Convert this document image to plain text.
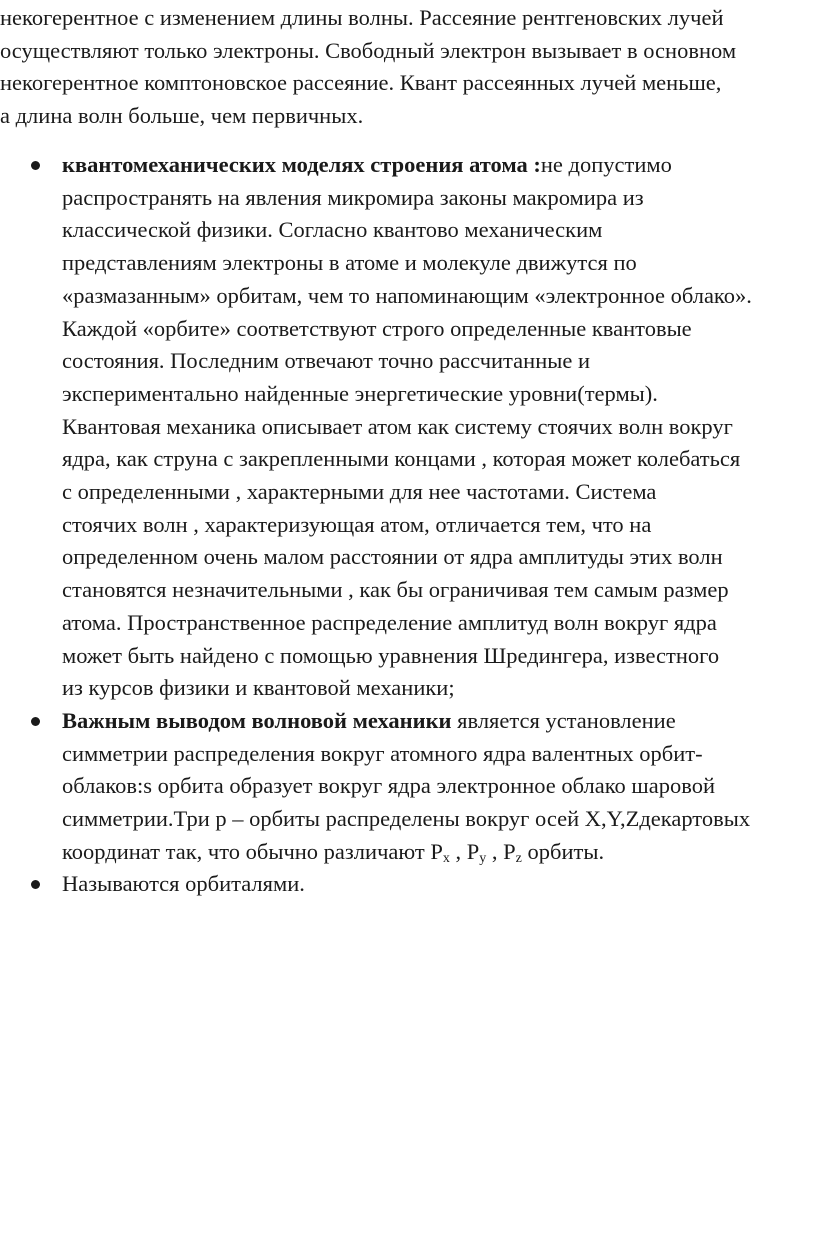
некогерентное с изменением длины волны. Рассеяние рентгеновских лучей
осуществляют только электроны. Свободный электрон вызывает в основном
некогерентное комптоновское рассеяние. Квант рассеянных лучей меньше,
а длина волн больше, чем первичных.
квантомеханических моделях строения атома :не допустимо
распространять на явления микромира законы макромира из
классической физики. Согласно квантово механическим
представлениям электроны в атоме и молекуле движутся по
«размазанным» орбитам, чем то напоминающим «электронное облако».
Каждой «орбите» соответствуют строго определенные квантовые
состояния. Последним отвечают точно рассчитанные и
экспериментально найденные энергетические уровни(термы).
Квантовая механика описывает атом как систему стоячих волн вокруг
ядра, как струна с закрепленными концами , которая может колебаться
с определенными , характерными для нее частотами. Система
стоячих волн , характеризующая атом, отличается тем, что на
определенном очень малом расстоянии от ядра амплитуды этих волн
становятся незначительными , как бы ограничивая тем самым размер
атома. Пространственное распределение амплитуд волн вокруг ядра
может быть найдено с помощью уравнения Шредингера, известного
из курсов физики и квантовой механики;
Важным выводом волновой механики является установление
симметрии распределения вокруг атомного ядра валентных орбит-
облаков:s орбита образует вокруг ядра электронное облако шаровой
симметрии.Три р – орбиты распределены вокруг осей X,Y,Zдекартовых
координат так, что обычно различают $P_x$ , $P_y$ , $P_z$ орбиты.
Называются орбиталями.
